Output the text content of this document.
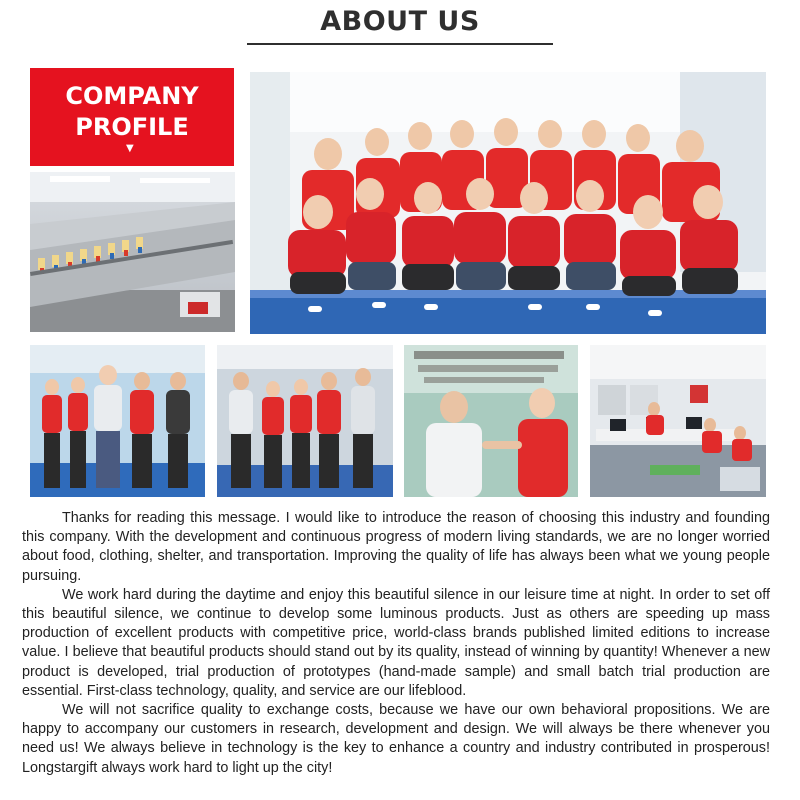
ABOUT US
COMPANY
PROFILE
▼

Thanks for reading this message. I would like to introduce the reason of choosing this industry and founding this company. With the development and continuous progress of modern living standards, we are no longer worried about food, clothing, shelter, and transportation. Improving the quality of life has always been what we young people pursuing.

We work hard during the daytime and enjoy this beautiful silence in our leisure time at night. In order to set off this beautiful silence, we continue to develop some luminous products. Just as others are speeding up mass production of excellent products with competitive price, world-class brands published limited editions to increase value. I believe that beautiful products should stand out by its quality, instead of winning by quantity! Whenever a new product is developed, trial production of prototypes (hand-made sample) and small batch trial production are essential. First-class technology, quality, and service are our lifeblood.

We will not sacrifice quality to exchange costs, because we have our own behavioral propositions. We are happy to accompany our customers in research, development and design. We will always be there whenever you need us! We always believe in technology is the key to enhance a country and industry contributed in prosperous! Longstargift always work hard to light up the city!
